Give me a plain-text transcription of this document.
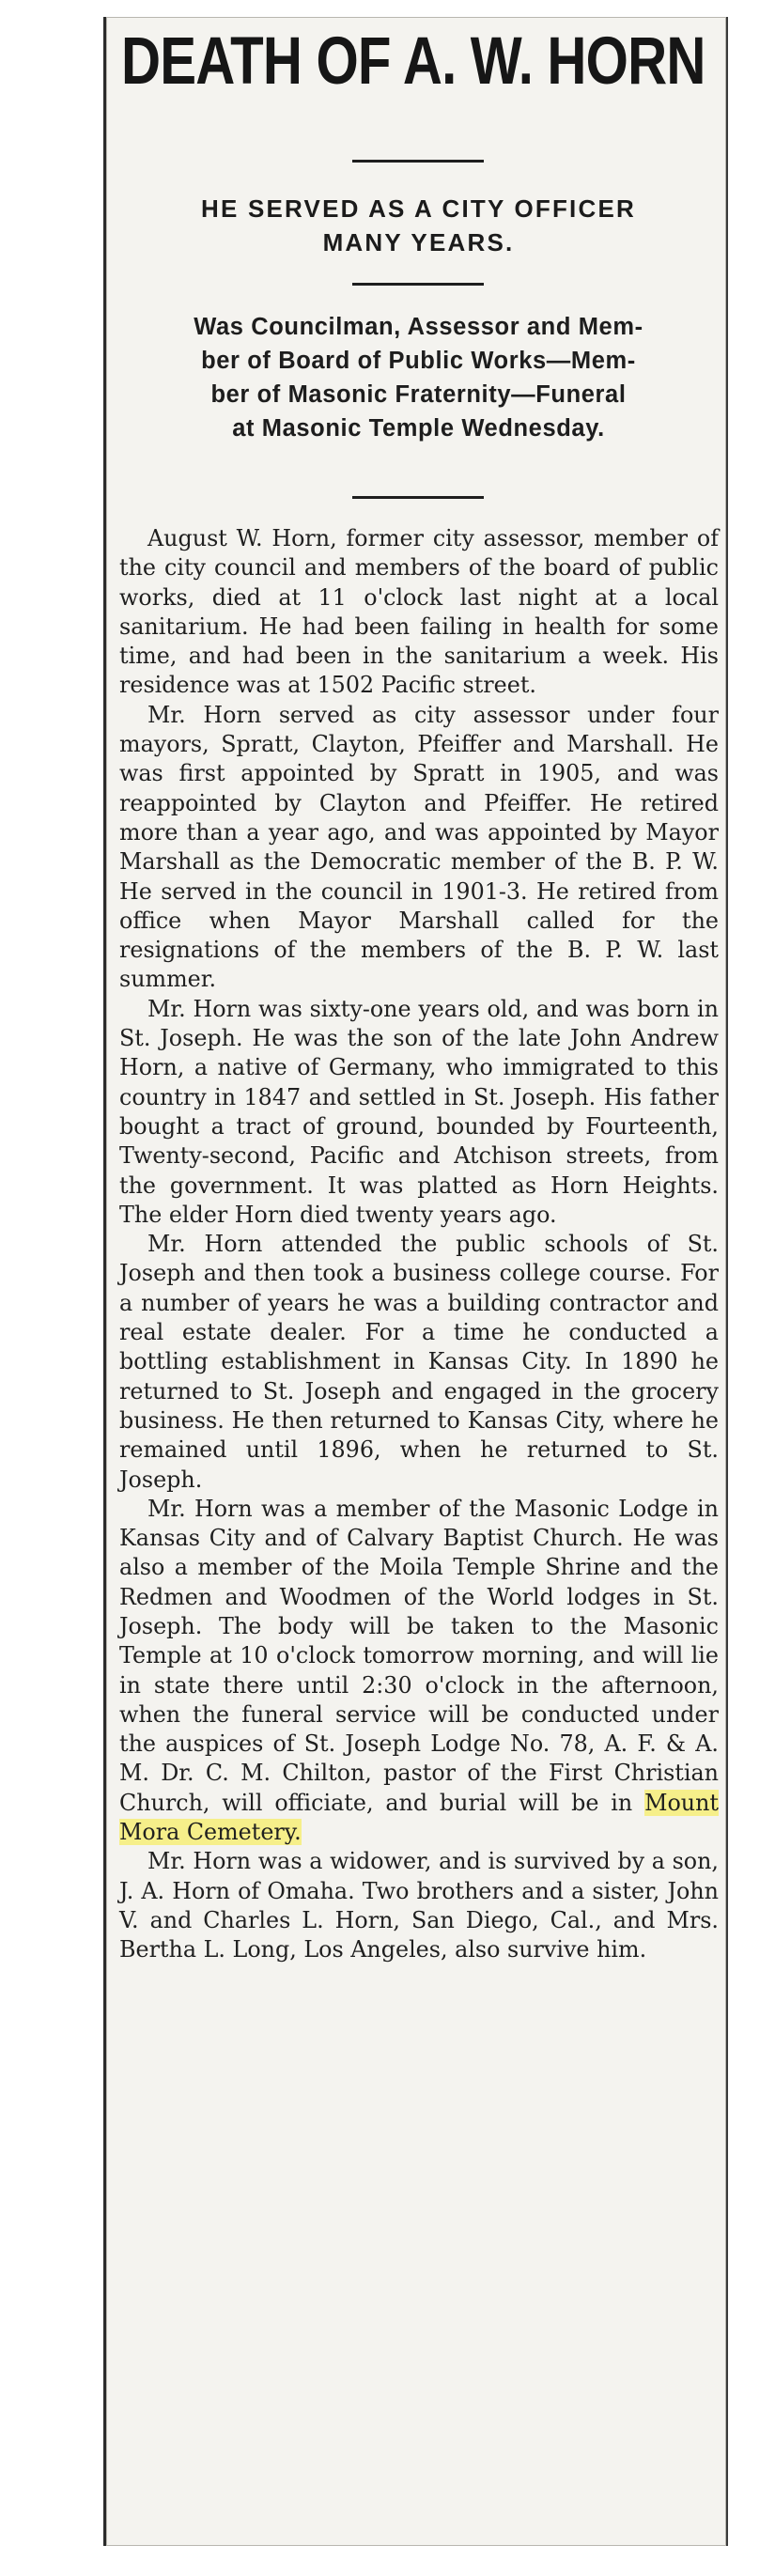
DEATH OF A. W. HORN
HE SERVED AS A CITY OFFICER
MANY YEARS.
Was Councilman, Assessor and Mem-
ber of Board of Public Works—Mem-
ber of Masonic Fraternity—Funeral
at Masonic Temple Wednesday.

August W. Horn, former city assessor, member of the city council and members of the board of public works, died at 11 o'clock last night at a local sanitarium. He had been failing in health for some time, and had been in the sanitarium a week. His residence was at 1502 Pacific street.

Mr. Horn served as city assessor under four mayors, Spratt, Clayton, Pfeiffer and Marshall. He was first appointed by Spratt in 1905, and was reappointed by Clayton and Pfeiffer. He retired more than a year ago, and was appointed by Mayor Marshall as the Democratic member of the B. P. W. He served in the council in 1901-3. He retired from office when Mayor Marshall called for the resignations of the members of the B. P. W. last summer.

Mr. Horn was sixty-one years old, and was born in St. Joseph. He was the son of the late John Andrew Horn, a native of Germany, who immigrated to this country in 1847 and settled in St. Joseph. His father bought a tract of ground, bounded by Fourteenth, Twenty-second, Pacific and Atchison streets, from the government. It was platted as Horn Heights. The elder Horn died twenty years ago.

Mr. Horn attended the public schools of St. Joseph and then took a business college course. For a number of years he was a building contractor and real estate dealer. For a time he conducted a bottling establishment in Kansas City. In 1890 he returned to St. Joseph and engaged in the grocery business. He then returned to Kansas City, where he remained until 1896, when he returned to St. Joseph.

Mr. Horn was a member of the Masonic Lodge in Kansas City and of Calvary Baptist Church. He was also a member of the Moila Temple Shrine and the Redmen and Woodmen of the World lodges in St. Joseph. The body will be taken to the Masonic Temple at 10 o'clock tomorrow morning, and will lie in state there until 2:30 o'clock in the afternoon, when the funeral service will be conducted under the auspices of St. Joseph Lodge No. 78, A. F. & A. M. Dr. C. M. Chilton, pastor of the First Christian Church, will officiate, and burial will be in Mount Mora Cemetery.

Mr. Horn was a widower, and is survived by a son, J. A. Horn of Omaha. Two brothers and a sister, John V. and Charles L. Horn, San Diego, Cal., and Mrs. Bertha L. Long, Los Angeles, also survive him.
